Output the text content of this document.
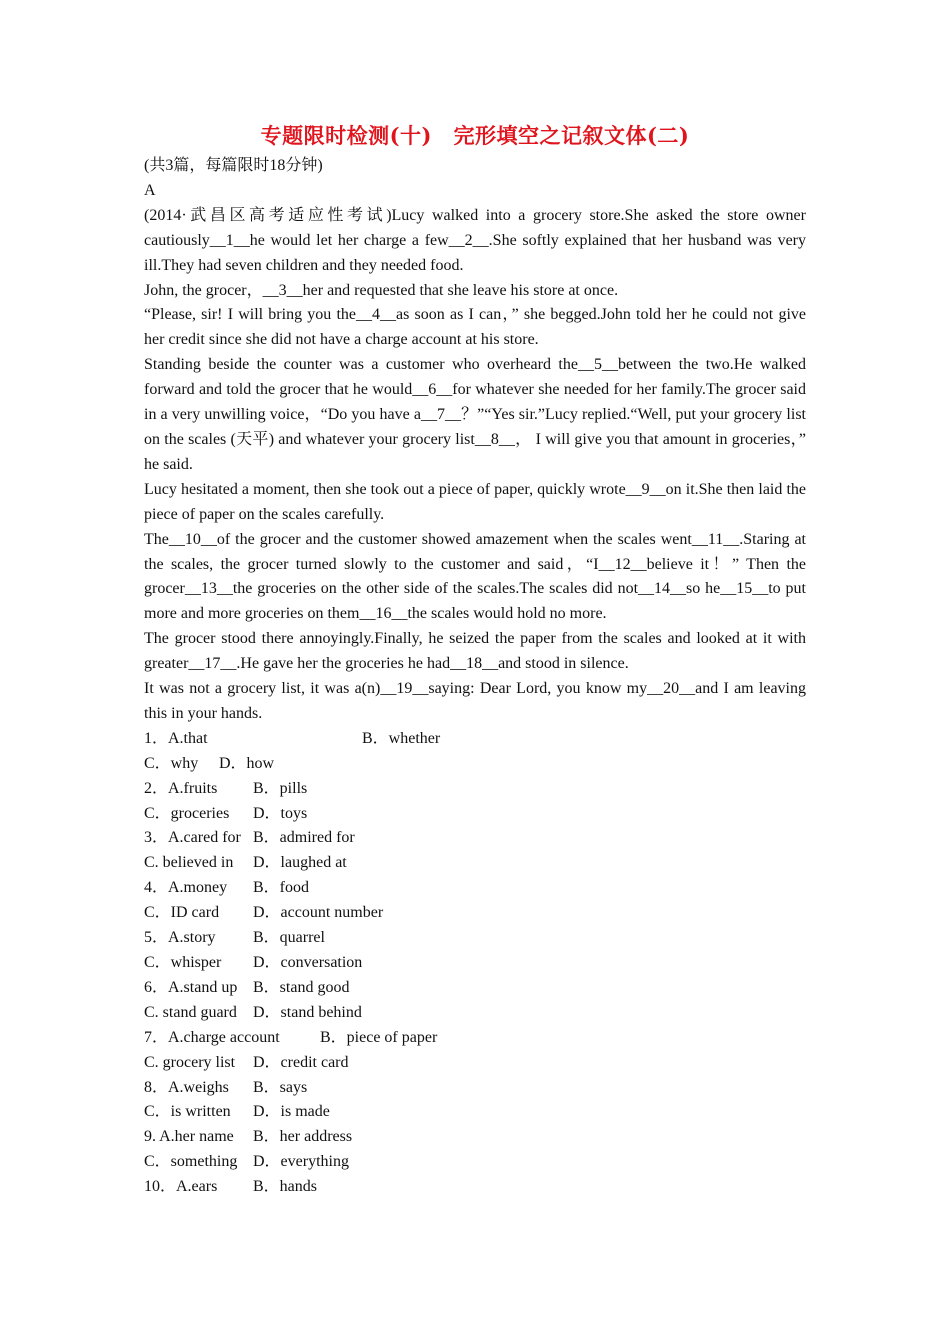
专题限时检测(十)　完形填空之记叙文体(二)

(共3篇，每篇限时18分钟)

A

(2014·武昌区高考适应性考试)Lucy walked into a grocery store.She asked the store owner cautiously__1__he would let her charge a few__2__.She softly explained that her husband was very ill.They had seven children and they needed food.

John, the grocer，__3__her and requested that she leave his store at once.

“Please, sir! I will bring you the__4__as soon as I can，” she begged.John told her he could not give her credit since she did not have a charge account at his store.

Standing beside the counter was a customer who overheard the__5__between the two.He walked forward and told the grocer that he would__6__for whatever she needed for her family.The grocer said in a very unwilling voice，“Do you have a__7__？”“Yes sir.”Lucy replied.“Well, put your grocery list on the scales (天平) and whatever your grocery list__8__， I will give you that amount in groceries，” he said.

Lucy hesitated a moment, then she took out a piece of paper, quickly wrote__9__on it.She then laid the piece of paper on the scales carefully.

The__10__of the grocer and the customer showed amazement when the scales went__11__.Staring at the scales, the grocer turned slowly to the customer and said，“I__12__believe it！” Then the grocer__13__the groceries on the other side of the scales.The scales did not__14__so he__15__to put more and more groceries on them__16__the scales would hold no more.

The grocer stood there annoyingly.Finally, he seized the paper from the scales and looked at it with greater__17__.He gave her the groceries he had__18__and stood in silence.

It was not a grocery list, it was a(n)__19__saying: Dear Lord, you know my__20__and I am leaving this in your hands.

1．A.that	B．whether
C．why	D．how
2．A.fruits	B．pills
C．groceries	D．toys
3．A.cared for B．admired for
C. believed in	D．laughed at
4．A.money	B．food
C．ID card	D．account number
5．A.story	B．quarrel
C．whisper	D．conversation
6．A.stand up B．stand good
C. stand guard	D．stand behind
7．A.charge account	B．piece of paper
C. grocery list	D．credit card
8．A.weighs	B．says
C．is written	D．is made
9. A.her name	B．her address
C．something D．everything
10．A.ears	B．hands
